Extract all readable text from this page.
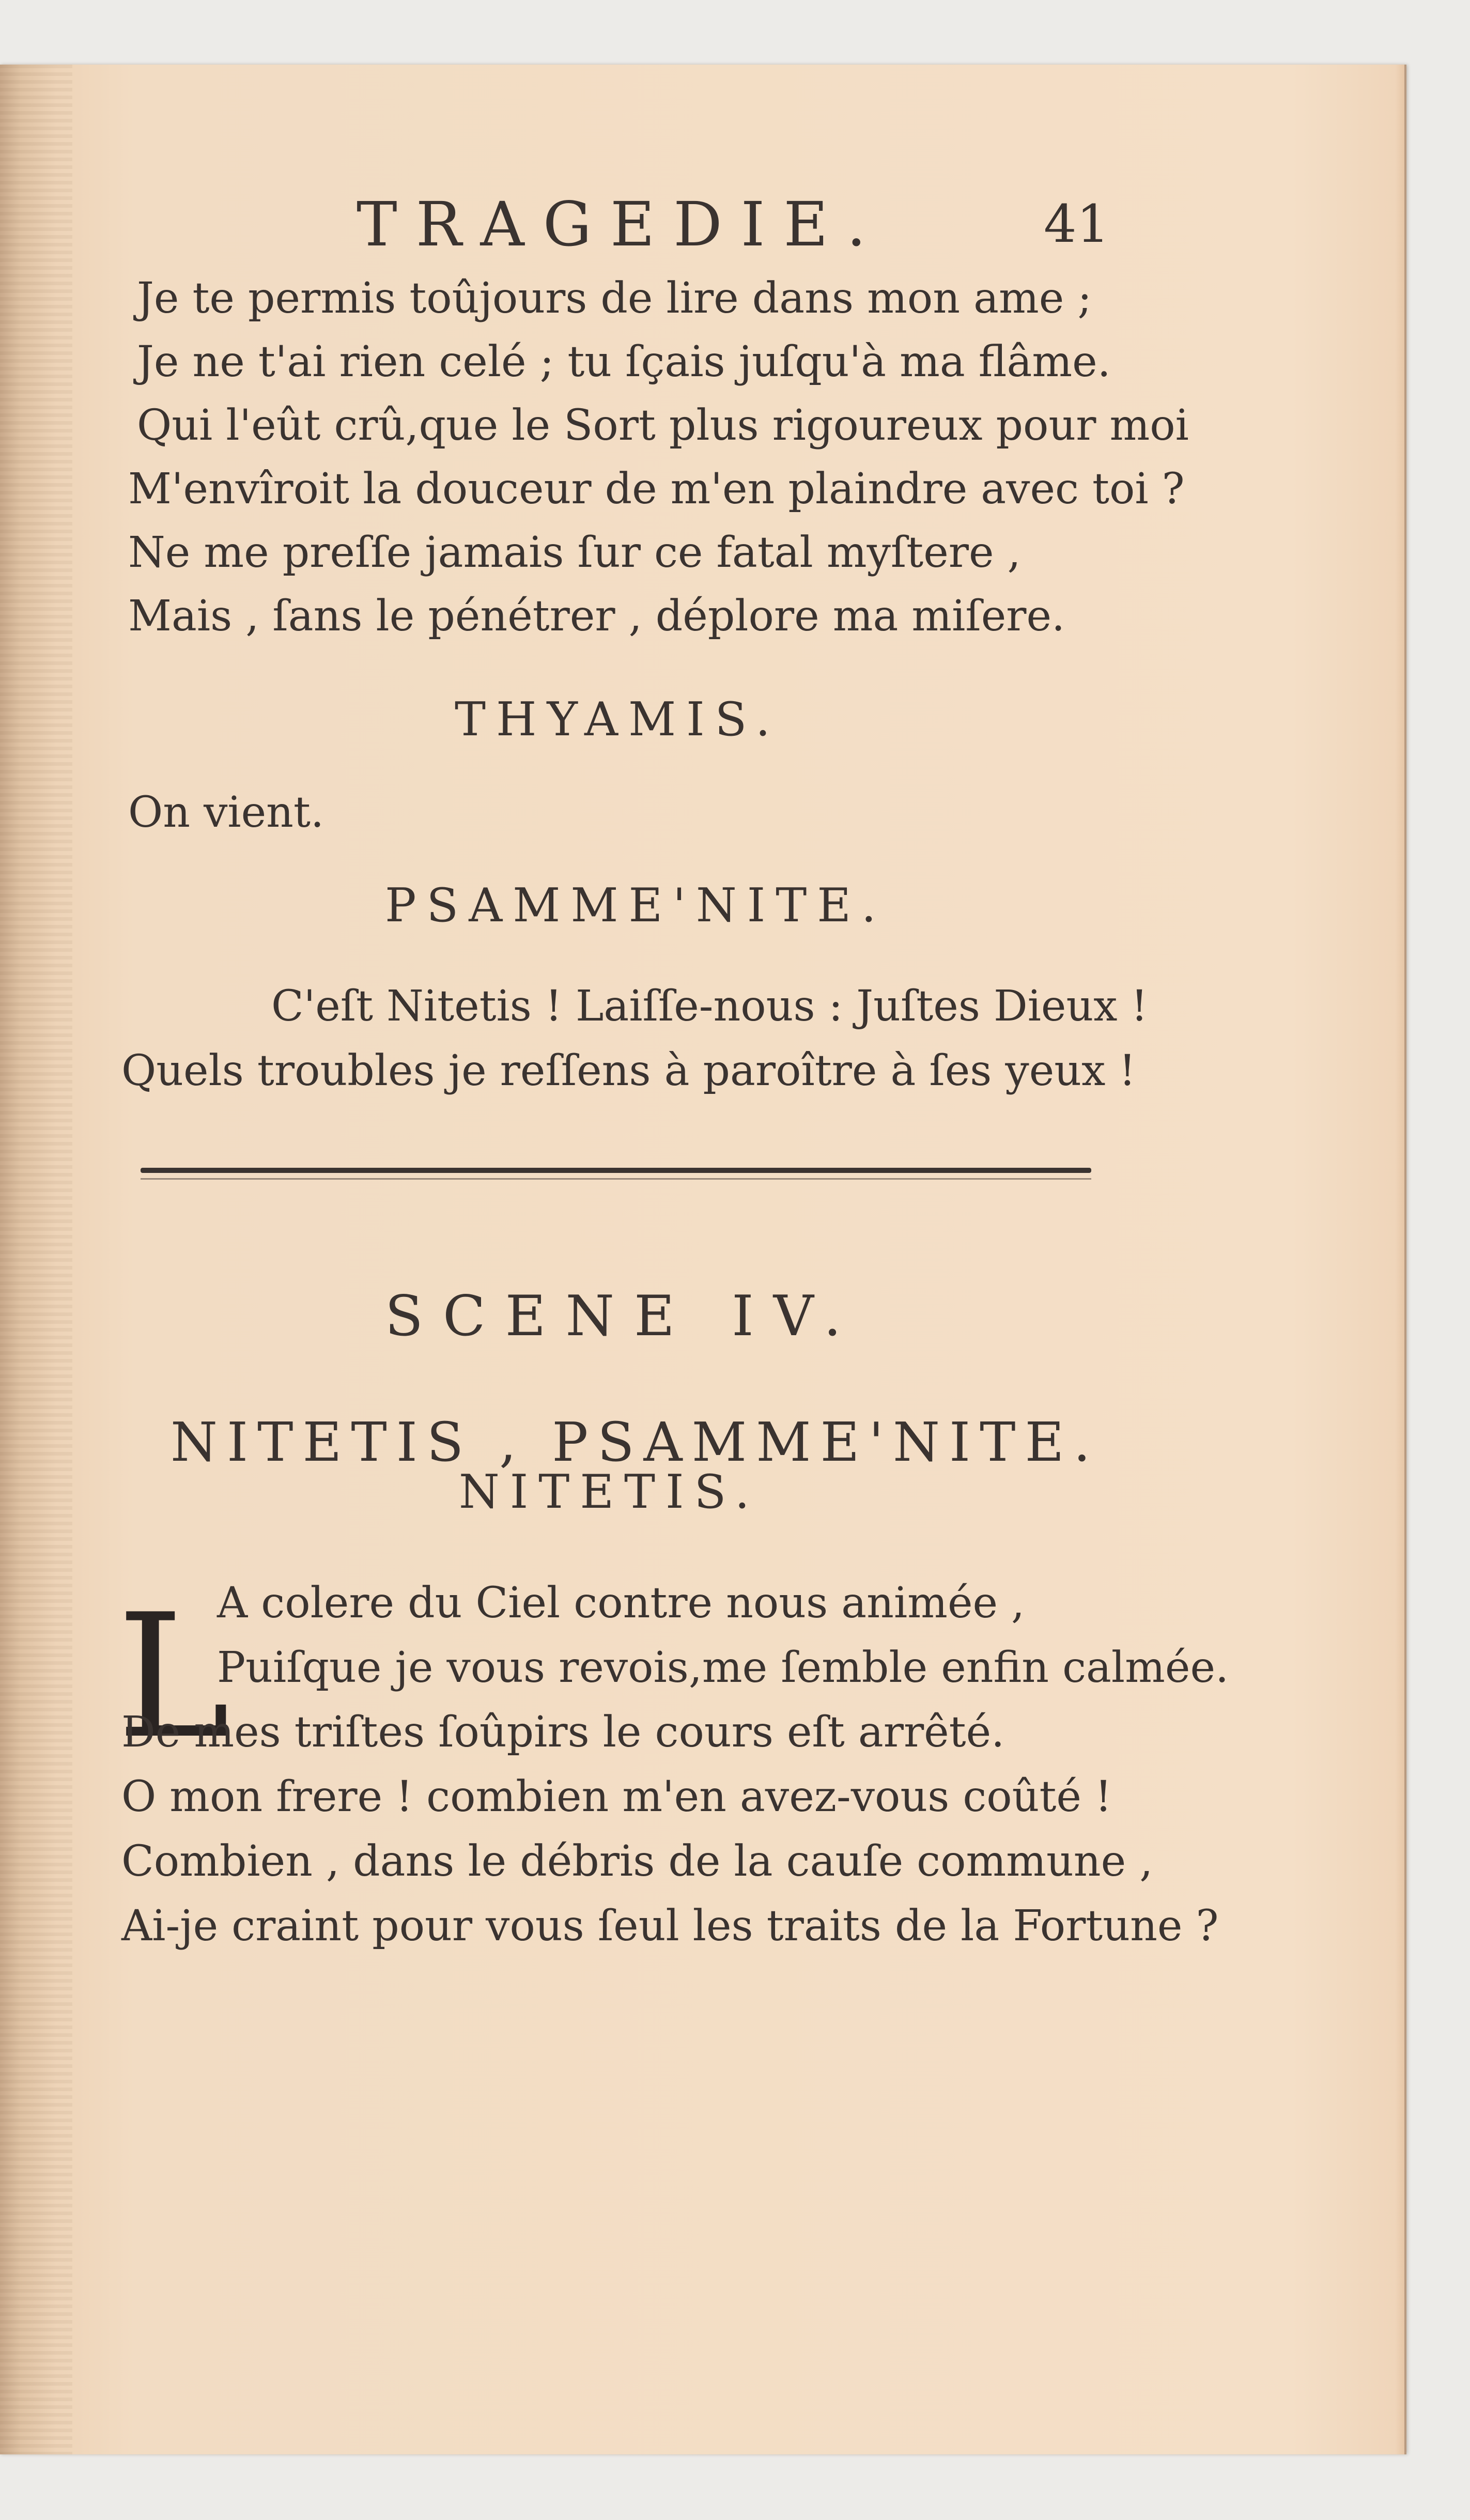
TRAGEDIE.	41
Je te permis toûjours de lire dans mon ame ;
Je ne t'ai rien celé ; tu ſçais juſqu'à ma flâme.
Qui l'eût crû,que le Sort plus rigoureux pour moi
M'envîroit la douceur de m'en plaindre avec toi ?
Ne me preſſe jamais ſur ce fatal myſtere ,
Mais , ſans le pénétrer , déplore ma miſere.
THYAMIS.
On vient.
PSAMME'NITE.
C'eſt Nitetis ! Laiſſe-nous : Juſtes Dieux !
Quels troubles je reſſens à paroître à ſes yeux !
SCENE IV.
NITETIS , PSAMME'NITE.
NITETIS.
L
A colere du Ciel contre nous animée ,
Puiſque je vous revois,me ſemble enfin calmée.
De mes triſtes ſoûpirs le cours eſt arrêté.
O mon frere ! combien m'en avez-vous coûté !
Combien , dans le débris de la cauſe commune ,
Ai-je craint pour vous ſeul les traits de la Fortune ?
